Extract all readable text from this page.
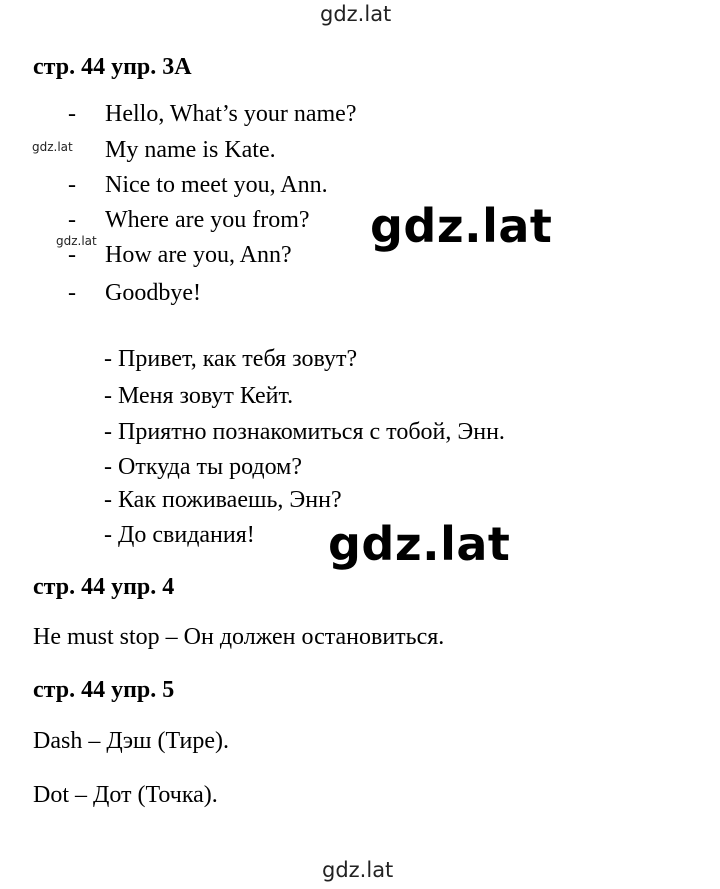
gdz.lat
gdz.lat
gdz.lat
gdz.lat
gdz.lat
gdz.lat
стр. 44 упр. 3А
- Hello, What’s your name?
My name is Kate.
- Nice to meet you, Ann.
- Where are you from?
- How are you, Ann?
- Goodbye!
- Привет, как тебя зовут?
- Меня зовут Кейт.
- Приятно познакомиться с тобой, Энн.
- Откуда ты родом?
- Как поживаешь, Энн?
- До свидания!
стр. 44 упр. 4
He must stop – Он должен остановиться.
стр. 44 упр. 5
Dash – Дэш (Тире).
Dot – Дот (Точка).
